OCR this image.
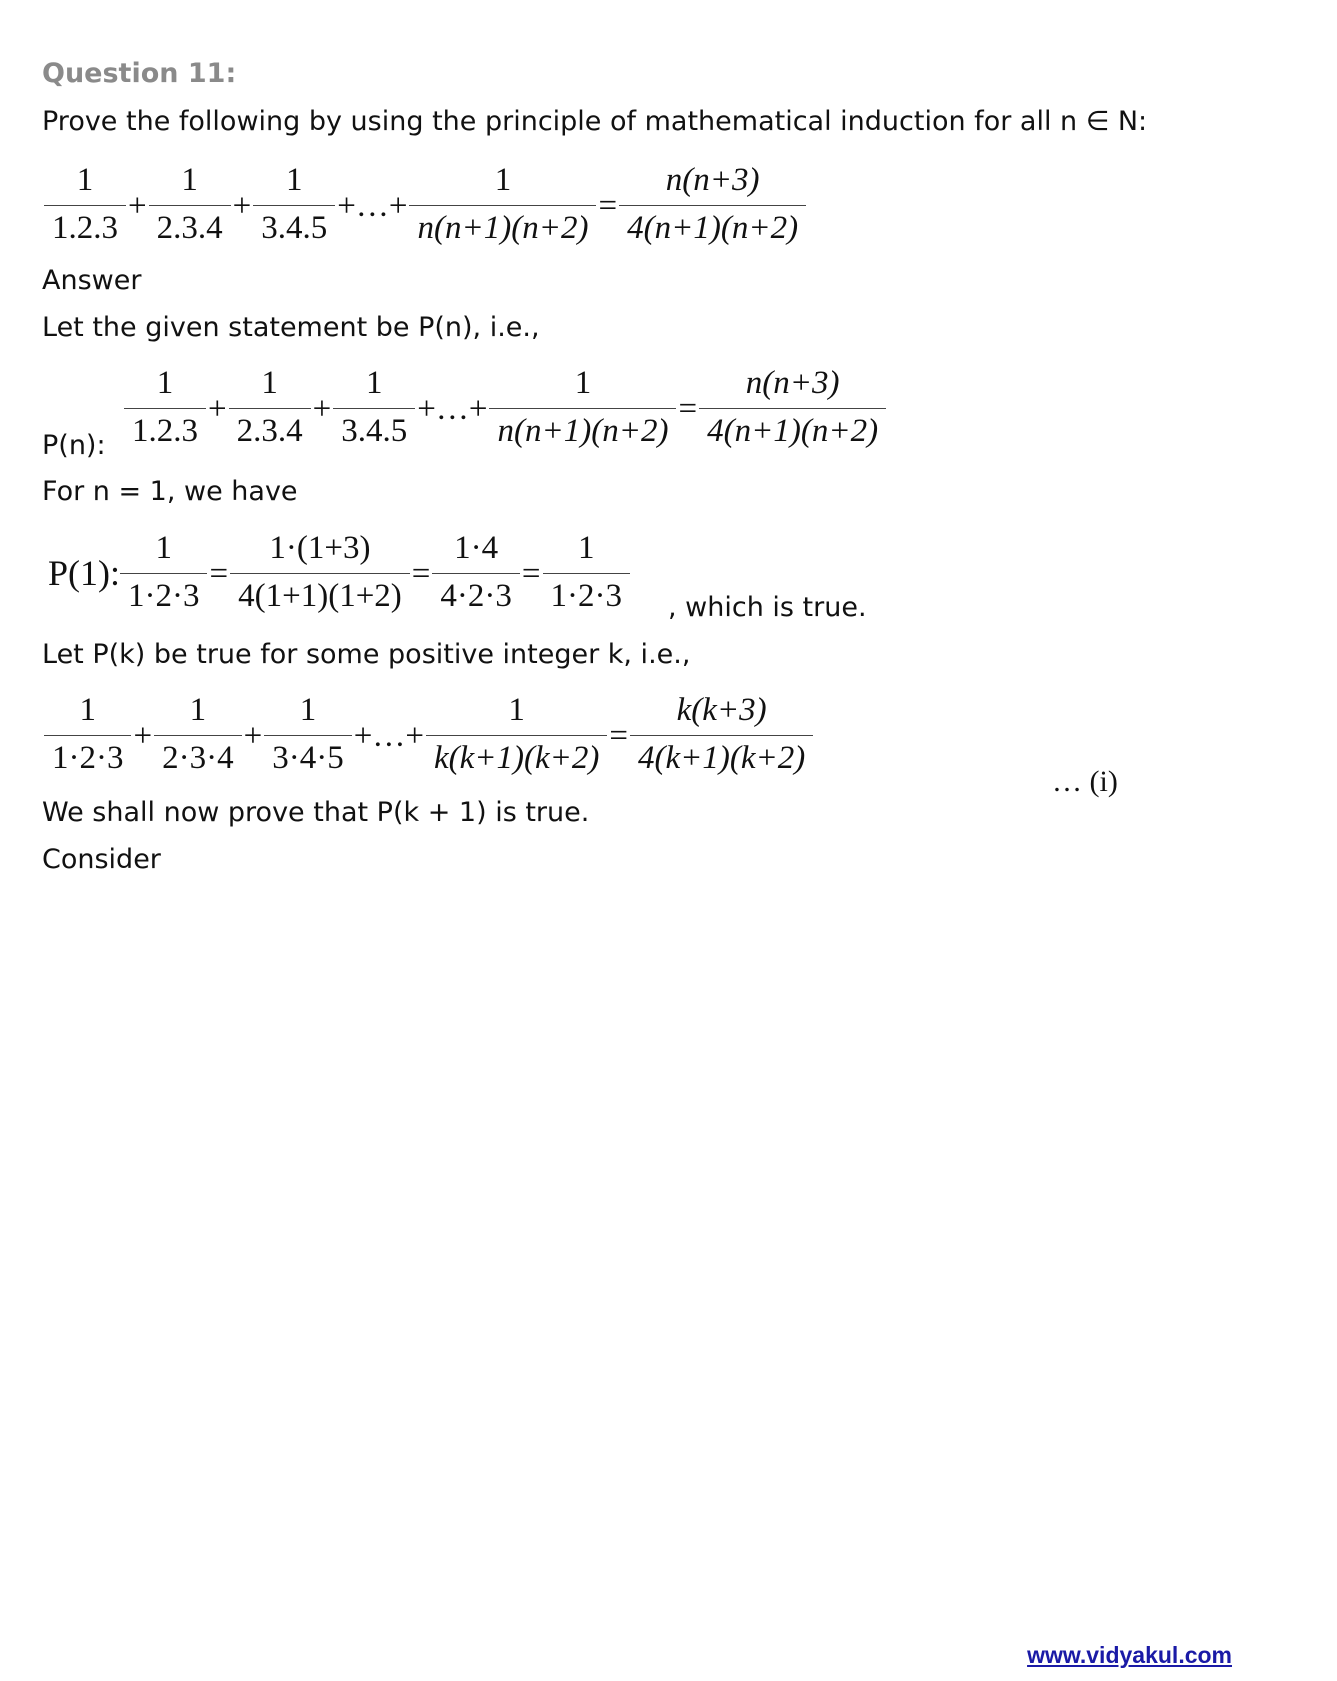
Question 11:
Prove the following by using the principle of mathematical induction for all n ∈ N:
$\frac{1}{1.2.3} + \frac{1}{2.3.4} + \frac{1}{3.4.5}$ +…+ $\frac{1}{n(n+1)(n+2)} = \frac{n(n+3)}{4(n+1)(n+2)}$
Answer
Let the given statement be P(n), i.e.,
$\frac{1}{1.2.3} + \frac{1}{2.3.4} + \frac{1}{3.4.5}$ +…+ $\frac{1}{n(n+1)(n+2)} = \frac{n(n+3)}{4(n+1)(n+2)}$
P(n):
For n = 1, we have
P(1): $\frac{1}{1\cdot 2\cdot 3} = \frac{1\cdot(1+3)}{4(1+1)(1+2)} = \frac{1\cdot 4}{4\cdot 2\cdot 3} = \frac{1}{1\cdot 2\cdot 3}$ , which is true.
Let P(k) be true for some positive integer k, i.e.,
$\frac{1}{1\cdot 2\cdot 3} + \frac{1}{2\cdot 3\cdot 4} + \frac{1}{3\cdot 4\cdot 5}$ +…+ $\frac{1}{k(k+1)(k+2)} = \frac{k(k+3)}{4(k+1)(k+2)}$
… (i)
We shall now prove that P(k + 1) is true.
Consider
www.vidyakul.com
